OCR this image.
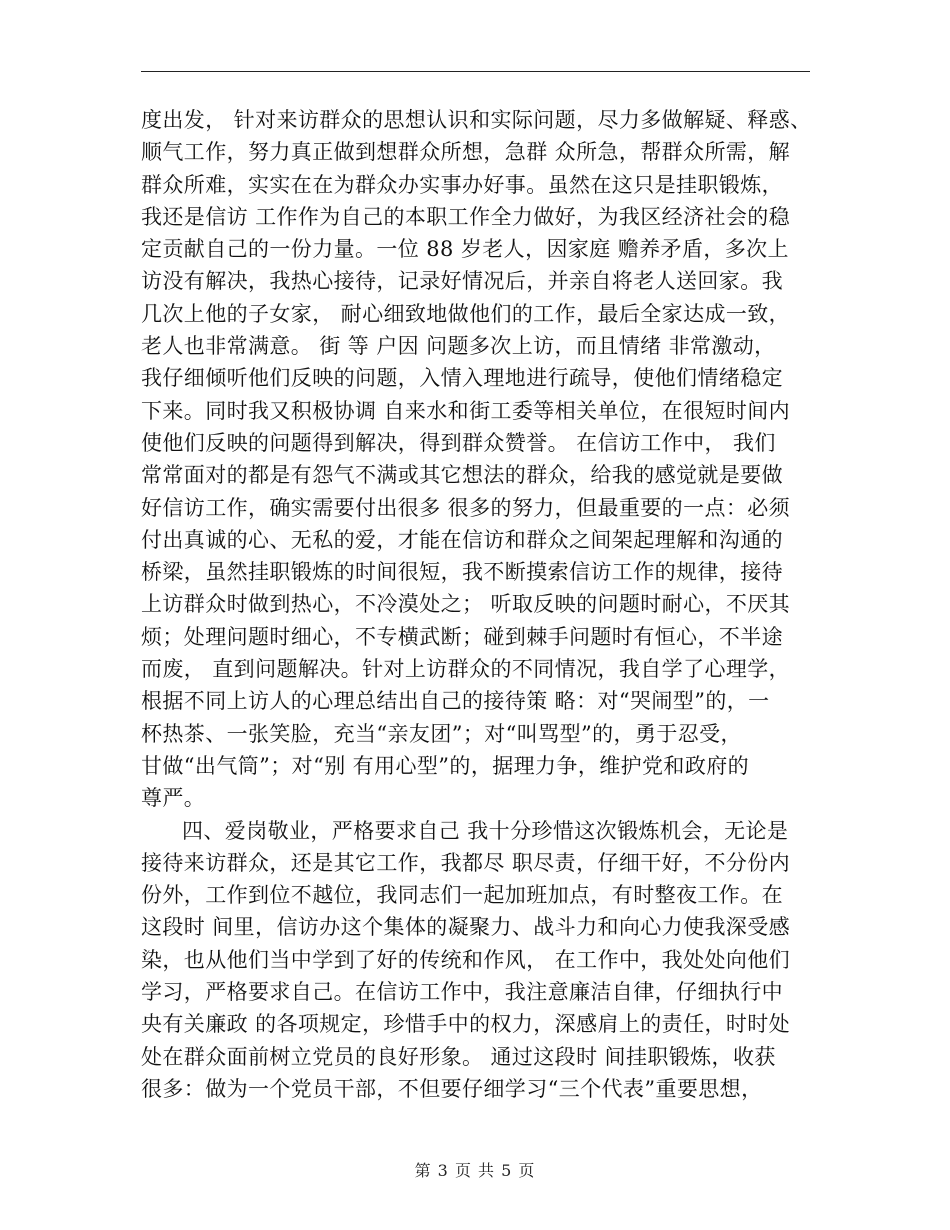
度出发， 针对来访群众的思想认识和实际问题，尽力多做解疑、释惑、
顺气工作，努力真正做到想群众所想，急群 众所急，帮群众所需，解
群众所难，实实在在为群众办实事办好事。虽然在这只是挂职锻炼，
我还是信访 工作作为自己的本职工作全力做好，为我区经济社会的稳
定贡献自己的一份力量。一位 88 岁老人，因家庭 赡养矛盾，多次上
访没有解决，我热心接待，记录好情况后，并亲自将老人送回家。我
几次上他的子女家， 耐心细致地做他们的工作，最后全家达成一致，
老人也非常满意。 街 等 户因 问题多次上访，而且情绪 非常激动，
我仔细倾听他们反映的问题，入情入理地进行疏导，使他们情绪稳定
下来。同时我又积极协调 自来水和街工委等相关单位，在很短时间内
使他们反映的问题得到解决，得到群众赞誉。 在信访工作中， 我们
常常面对的都是有怨气不满或其它想法的群众，给我的感觉就是要做
好信访工作，确实需要付出很多 很多的努力，但最重要的一点：必须
付出真诚的心、无私的爱，才能在信访和群众之间架起理解和沟通的
桥梁，虽然挂职锻炼的时间很短，我不断摸索信访工作的规律，接待
上访群众时做到热心，不冷漠处之； 听取反映的问题时耐心，不厌其
烦；处理问题时细心，不专横武断；碰到棘手问题时有恒心，不半途
而废， 直到问题解决。针对上访群众的不同情况，我自学了心理学，
根据不同上访人的心理总结出自己的接待策 略：对“哭闹型”的，一
杯热茶、一张笑脸，充当“亲友团”；对“叫骂型”的，勇于忍受，
甘做“出气筒”；对“别 有用心型”的，据理力争，维护党和政府的
尊严。
四、爱岗敬业，严格要求自己 我十分珍惜这次锻炼机会，无论是
接待来访群众，还是其它工作，我都尽 职尽责，仔细干好，不分份内
份外，工作到位不越位，我同志们一起加班加点，有时整夜工作。在
这段时 间里，信访办这个集体的凝聚力、战斗力和向心力使我深受感
染，也从他们当中学到了好的传统和作风， 在工作中，我处处向他们
学习，严格要求自己。在信访工作中，我注意廉洁自律，仔细执行中
央有关廉政 的各项规定，珍惜手中的权力，深感肩上的责任，时时处
处在群众面前树立党员的良好形象。 通过这段时 间挂职锻炼，收获
很多：做为一个党员干部，不但要仔细学习“三个代表”重要思想，
第 3 页 共 5 页
